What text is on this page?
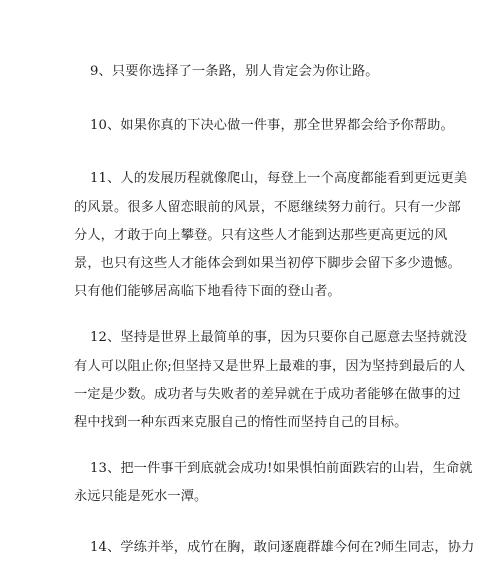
9、只要你选择了一条路，别人肯定会为你让路。
10、如果你真的下决心做一件事，那全世界都会给予你帮助。
11、人的发展历程就像爬山，每登上一个高度都能看到更远更美
的风景。很多人留恋眼前的风景，不愿继续努力前行。只有一少部
分人，才敢于向上攀登。只有这些人才能到达那些更高更远的风
景，也只有这些人才能体会到如果当初停下脚步会留下多少遗憾。
只有他们能够居高临下地看待下面的登山者。
12、坚持是世界上最简单的事，因为只要你自己愿意去坚持就没
有人可以阻止你;但坚持又是世界上最难的事，因为坚持到最后的人
一定是少数。成功者与失败者的差异就在于成功者能够在做事的过
程中找到一种东西来克服自己的惰性而坚持自己的目标。
13、把一件事干到底就会成功!如果惧怕前面跌宕的山岩，生命就
永远只能是死水一潭。
14、学练并举，成竹在胸，敢问逐鹿群雄今何在?师生同志，协力
